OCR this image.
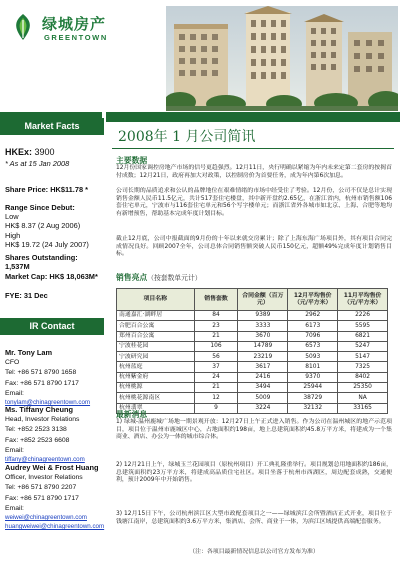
绿城房产
GREENTOWN
Market Facts
HKEx: 3900
* As at 15 Jan 2008
Share Price: HK$11.78 *
Range Since Debut:
Low
HK$ 8.37 (2 Aug 2006)
High
HK$ 19.72 (24 July 2007)
Shares Outstanding: 1,537M
Market Cap: HK$ 18,063M*
FYE: 31 Dec
IR Contact
Mr. Tony Lam
CFO
Tel: +86 571 8790 1658
Fax: +86 571 8790 1717
Email:
tonylam@chinagreentown.com
Ms. Tiffany Cheung
Head, Investor Relations
Tel: +852 2523 3138
Fax: +852 2523 6608
Email:
tiffany@chinagreentown.com
Audrey Wei & Frost Huang
Officer, Investor Relations
Tel: +86 571 8790 2207
Fax: +86 571 8790 1717
Email:
weiwei@chinagreentown.com
huangweiwei@chinagreentown.com
2008年 1 月公司简讯
主要数据
12月份国家调控房地产市场的信号更趋强烈。12月11日，央行明确以紧缩为年内未来定第二套房的按揭首付成数；12月21日，政府再加大对政策，以控制房价为首要任务，成为年内第6次加息。
公司长期的品质追求和公认的品牌地位在艰难情绪的市场中经受住了考验。12月份，公司不仅是总计实现销售金额人民币11.5亿元，共计517套住宅楼盘，其中新开盘约2.65亿，在浙江省内，杭州市销售额106套住宅单元，宁波市与116套住宅单元和56个写字楼单元；而浙江省外各城市如北京、上海、合肥等地均有新增预售，帮助基本完成年度计划目标。
截止12月底，公司中报截面的9月份的十年以来就交房累计；除了上海东海广场项目外，其有项目合同完成情况良好。回顾2007全年，公司总体合同销售额突破人民币150亿元，超额49%完成年度计划销售目标。
销售亮点（按套数单元计）
项目名称	销售套数	合同金额（百万元）	12月平均售价（元/平方米）	11月平均售价（元/平方米）
南通嘉汇·湖畔居	84	9389	2962	2226
合肥百合公寓	23	3333	6173	5595
郑州百合公寓	21	3670	7096	6821
宁波桂花园	106	14789	6573	5247
宁波研究园	56	23219	5093	5147
杭州蓝庭	37	3617	8101	7325
杭州紫金府	24	2416	9370	8402
杭州桃源	21	3494	25944	25350
杭州桃花源南区	12	5009	38729	NA
杭州翡翠	9	3224	32132	33165
最新消息
1) 绿城-温州鹿城广场地一期景观开放：12月27日上午正式进入销售。作为公司在温州城区的地产示范项目，项目位于温州市鹿城区中心，占地面积约198亩，地上总建筑面积约45.8万平方米，将建成为一个集商业、酒店、办公为一体的城市综合体。
2) 12月21日上午，绿城玉兰花园项目（原杭州项目）开工典礼隆重举行。项目规划总用地面积约186亩，总建筑面积约23万平方米，将建成高品质住宅社区。项目坐落于杭州市西湖区，周边配套成熟，交通便利，预计2009年中开始销售。
3) 12月15日下午，公司杭州滨江区大型市政配套项目之一——绿城滨江会所暨酒店正式开业，项目位于钱塘江南岸，总建筑面积约3.6万平方米，集酒店、会所、商业于一体，为滨江区域提供高端配套服务。
（注：各项目最新情况信息以公司官方发布为准）
